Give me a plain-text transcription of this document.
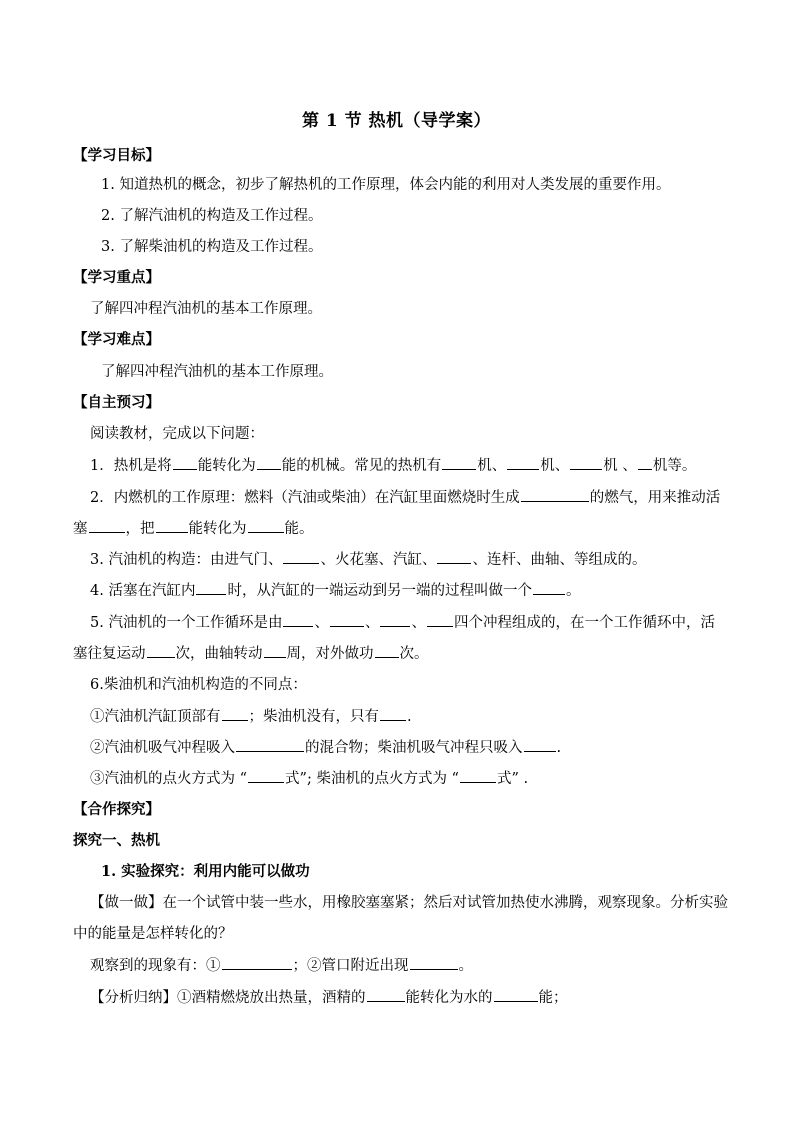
第 1 节 热机（导学案）
【学习目标】
1. 知道热机的概念，初步了解热机的工作原理，体会内能的利用对人类发展的重要作用。
2. 了解汽油机的构造及工作过程。
3. 了解柴油机的构造及工作过程。
【学习重点】
了解四冲程汽油机的基本工作原理。
【学习难点】
了解四冲程汽油机的基本工作原理。
【自主预习】
阅读教材，完成以下问题：
1．热机是将 能转化为 能的机械。常见的热机有 机、 机、 机 、 机等。
2．内燃机的工作原理：燃料（汽油或柴油）在汽缸里面燃烧时生成	的燃气，用来推动活
塞	，把 能转化为	能。
3. 汽油机的构造：由进气门、	、火花塞、汽缸、 、连杆、曲轴、等组成的。
4. 活塞在汽缸内 时，从汽缸的一端运动到另一端的过程叫做一个 。
5. 汽油机的一个工作循环是由 、 、 、 四个冲程组成的，在一个工作循环中，活
塞往复运动 次，曲轴转动 周，对外做功 次。
6.柴油机和汽油机构造的不同点：
①汽油机汽缸顶部有 ；柴油机没有，只有 .
②汽油机吸气冲程吸入	的混合物；柴油机吸气冲程只吸入 .
③汽油机的点火方式为 “	式”; 柴油机的点火方式为 “	式” .
【合作探究】
探究一、热机
1. 实验探究：利用内能可以做功
【做一做】在一个试管中装一些水，用橡胶塞塞紧；然后对试管加热使水沸腾，观察现象。分析实验
中的能量是怎样转化的？
观察到的现象有：①	；②管口附近出现	。
【分析归纳】①酒精燃烧放出热量，酒精的	能转化为水的	能；
